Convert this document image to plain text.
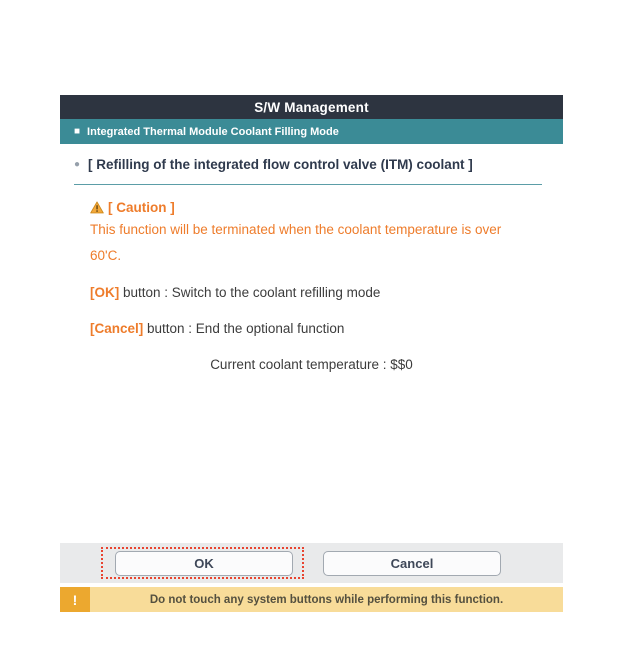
S/W Management
■ Integrated Thermal Module Coolant Filling Mode
● [ Refilling of the integrated flow control valve (ITM) coolant ]
[ Caution ]

This function will be terminated when the coolant temperature is over
60'C.

[OK] button : Switch to the coolant refilling mode

[Cancel] button : End the optional function

Current coolant temperature : $$0
OK	Cancel
!	Do not touch any system buttons while performing this function.
